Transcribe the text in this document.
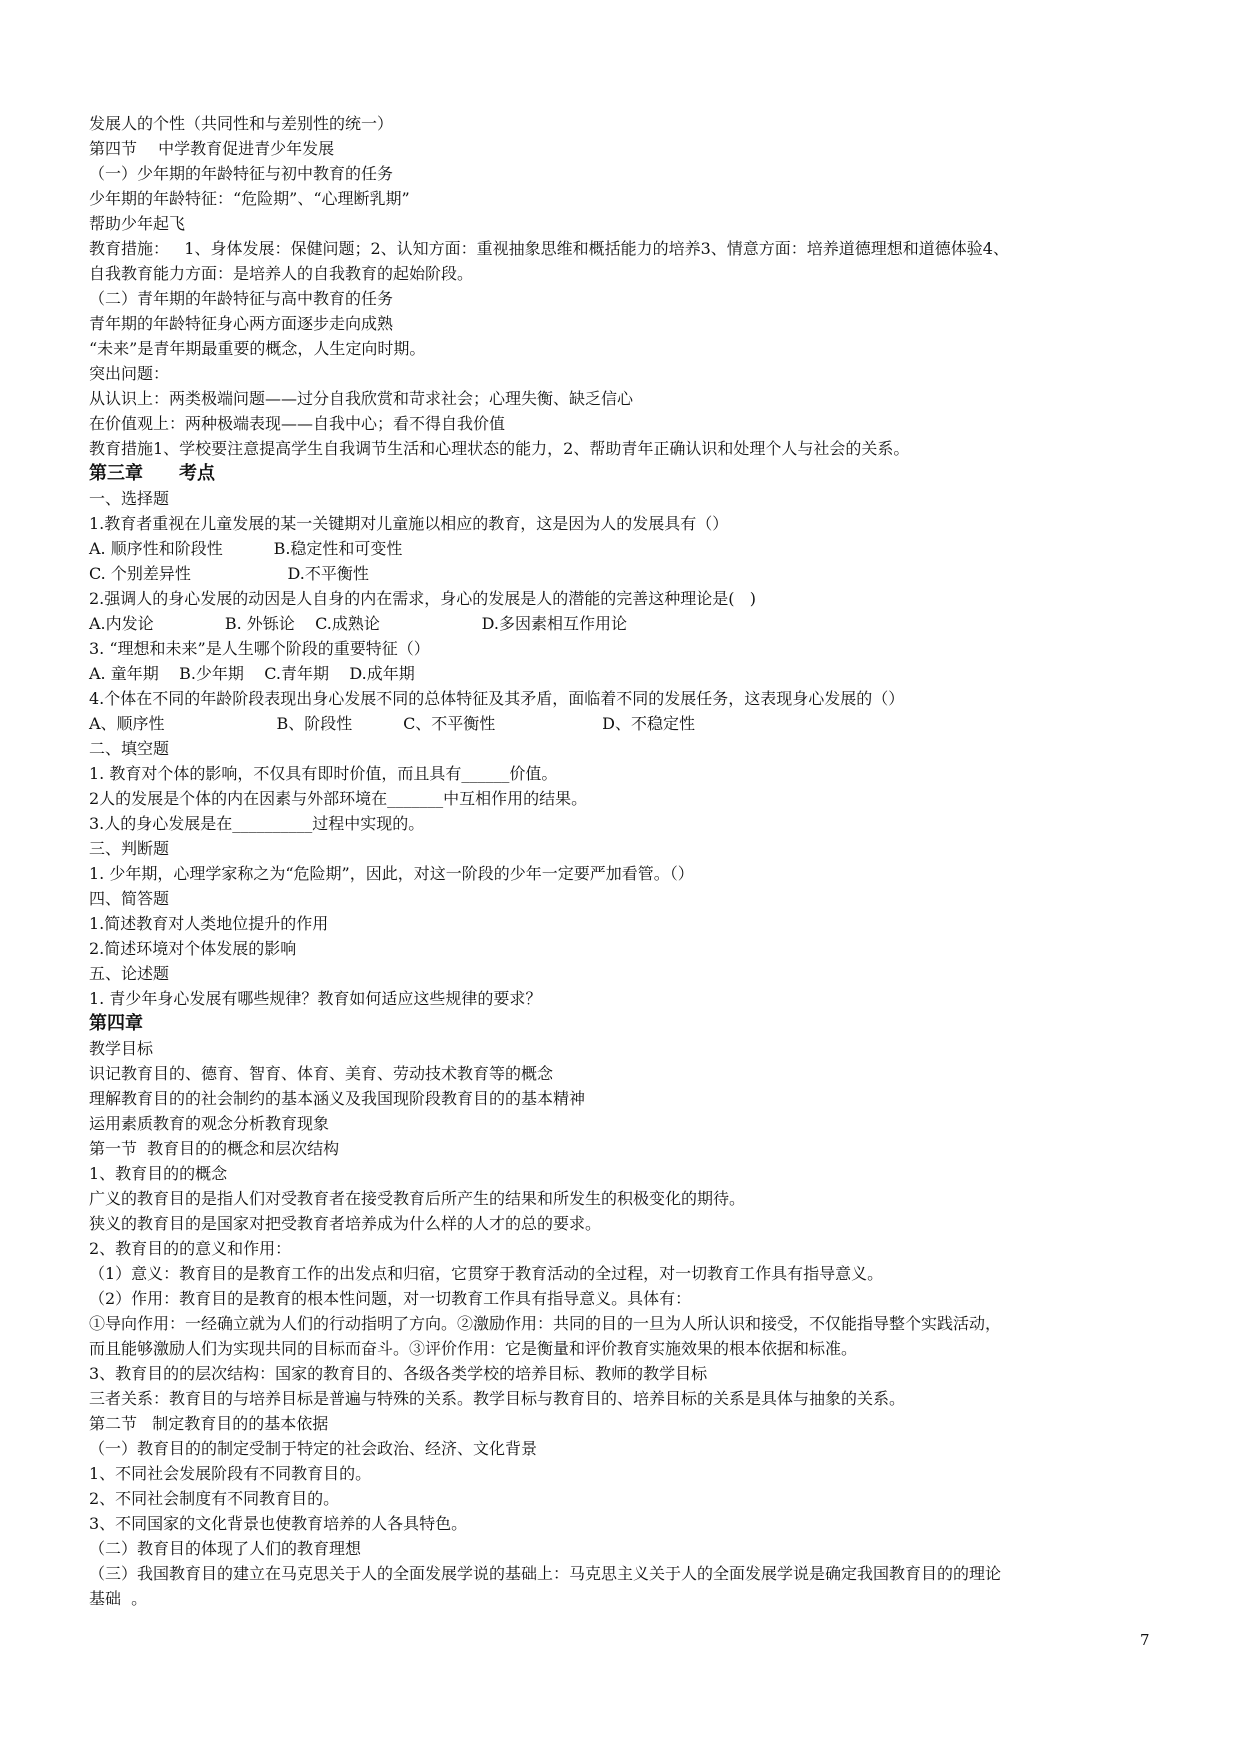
发展人的个性（共同性和与差别性的统一）
第四节　 中学教育促进青少年发展
（一）少年期的年龄特征与初中教育的任务
少年期的年龄特征：“危险期”、“心理断乳期”
帮助少年起飞
教育措施：   1、身体发展：保健问题；2、认知方面：重视抽象思维和概括能力的培养3、情意方面：培养道德理想和道德体验4、
自我教育能力方面：是培养人的自我教育的起始阶段。
（二）青年期的年龄特征与高中教育的任务
青年期的年龄特征身心两方面逐步走向成熟
“未来”是青年期最重要的概念，人生定向时期。
突出问题：
从认识上：两类极端问题——过分自我欣赏和苛求社会；心理失衡、缺乏信心
在价值观上：两种极端表现——自我中心；看不得自我价值
教育措施1、学校要注意提高学生自我调节生活和心理状态的能力，2、帮助青年正确认识和处理个人与社会的关系。
第三章　　考点
一、选择题
1.教育者重视在儿童发展的某一关键期对儿童施以相应的教育，这是因为人的发展具有（）
A. 顺序性和阶段性          B.稳定性和可变性
C. 个别差异性                   D.不平衡性
2.强调人的身心发展的动因是人自身的内在需求，身心的发展是人的潜能的完善这种理论是(   )
A.内发论              B. 外铄论    C.成熟论                    D.多因素相互作用论
3. “理想和未来”是人生哪个阶段的重要特征（）
A. 童年期    B.少年期    C.青年期    D.成年期
4.个体在不同的年龄阶段表现出身心发展不同的总体特征及其矛盾，面临着不同的发展任务，这表现身心发展的（）
A、顺序性                      B、阶段性          C、不平衡性                     D、不稳定性
二、填空题
1. 教育对个体的影响，不仅具有即时价值，而且具有______价值。
2人的发展是个体的内在因素与外部环境在_______中互相作用的结果。
3.人的身心发展是在__________过程中实现的。
三、判断题
1. 少年期，心理学家称之为“危险期”，因此，对这一阶段的少年一定要严加看管。（）
四、简答题
1.简述教育对人类地位提升的作用
2.简述环境对个体发展的影响
五、论述题
1. 青少年身心发展有哪些规律？教育如何适应这些规律的要求？
第四章
教学目标
识记教育目的、德育、智育、体育、美育、劳动技术教育等的概念
理解教育目的的社会制约的基本涵义及我国现阶段教育目的的基本精神
运用素质教育的观念分析教育现象
第一节  教育目的的概念和层次结构
1、教育目的的概念
广义的教育目的是指人们对受教育者在接受教育后所产生的结果和所发生的积极变化的期待。
狭义的教育目的是国家对把受教育者培养成为什么样的人才的总的要求。
2、教育目的的意义和作用：
（1）意义：教育目的是教育工作的出发点和归宿，它贯穿于教育活动的全过程，对一切教育工作具有指导意义。
（2）作用：教育目的是教育的根本性问题，对一切教育工作具有指导意义。具体有：
①导向作用：一经确立就为人们的行动指明了方向。②激励作用：共同的目的一旦为人所认识和接受，不仅能指导整个实践活动，
而且能够激励人们为实现共同的目标而奋斗。③评价作用：它是衡量和评价教育实施效果的根本依据和标准。
3、教育目的的层次结构：国家的教育目的、各级各类学校的培养目标、教师的教学目标
三者关系：教育目的与培养目标是普遍与特殊的关系。教学目标与教育目的、培养目标的关系是具体与抽象的关系。
第二节   制定教育目的的基本依据
（一）教育目的的制定受制于特定的社会政治、经济、文化背景
1、不同社会发展阶段有不同教育目的。
2、不同社会制度有不同教育目的。
3、不同国家的文化背景也使教育培养的人各具特色。
（二）教育目的体现了人们的教育理想
（三）我国教育目的建立在马克思关于人的全面发展学说的基础上：马克思主义关于人的全面发展学说是确定我国教育目的的理论
基础  。
7
